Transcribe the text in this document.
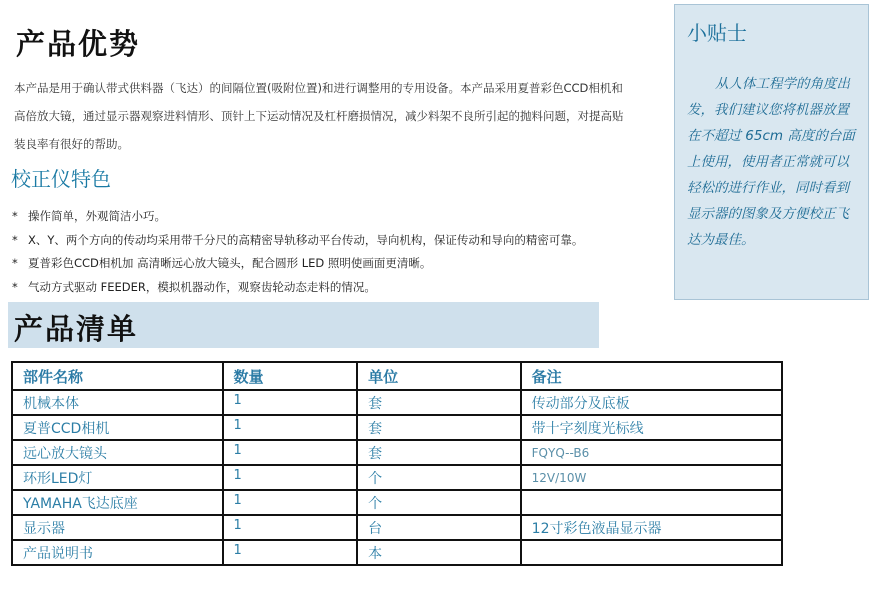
产品优势

本产品是用于确认带式供料器（飞达）的间隔位置(吸附位置)和进行调整用的专用设备。本产品采用夏普彩色CCD相机和高倍放大镜，通过显示器观察进料情形、顶针上下运动情况及杠杆磨损情况，减少料架不良所引起的抛料问题，对提高贴装良率有很好的帮助。

校正仪特色
* 操作简单，外观简洁小巧。
* X、Y、两个方向的传动均采用带千分尺的高精密导轨移动平台传动，导向机构，保证传动和导向的精密可靠。
* 夏普彩色CCD相机加 高清晰远心放大镜头，配合圆形 LED 照明使画面更清晰。
* 气动方式驱动 FEEDER，模拟机器动作，观察齿轮动态走料的情况。
小贴士

从人体工程学的角度出发，我们建议您将机器放置在不超过 65cm 高度的台面上使用，使用者正常就可以轻松的进行作业，同时看到显示器的图象及方便校正飞达为最佳。

产品清单
部件名称	数量	单位	备注
机械本体	1	套	传动部分及底板
夏普CCD相机	1	套	带十字刻度光标线
远心放大镜头	1	套	FQYQ--B6
环形LED灯	1	个	12V/10W
YAMAHA飞达底座	1	个	
显示器	1	台	12寸彩色液晶显示器
产品说明书	1	本	
